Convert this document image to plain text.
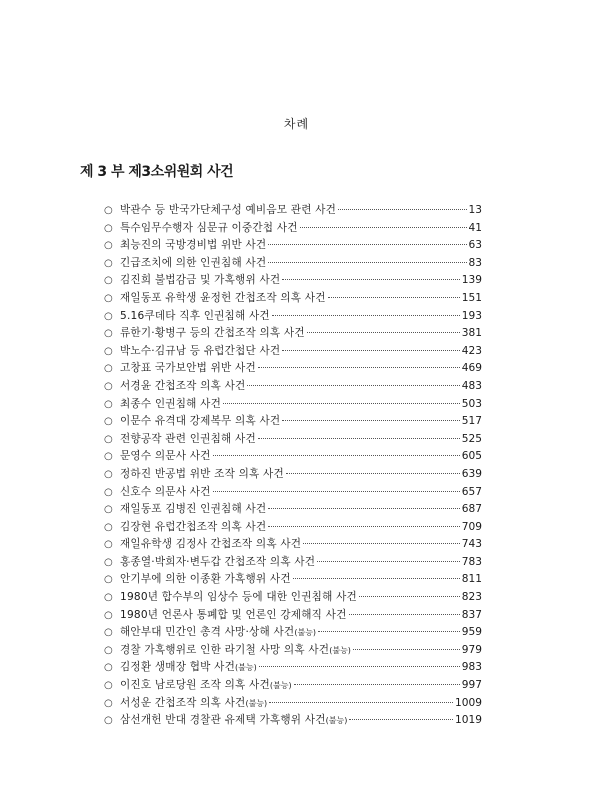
차례
제 3 부 제3소위원회 사건
○ 박관수 등 반국가단체구성 예비음모 관련 사건	13
○ 특수임무수행자 심문규 이중간첩 사건	41
○ 최능진의 국방경비법 위반 사건	63
○ 긴급조치에 의한 인권침해 사건	83
○ 김진희 불법감금 및 가혹행위 사건	139
○ 재일동포 유학생 윤정헌 간첩조작 의혹 사건	151
○ 5.16쿠데타 직후 인권침해 사건	193
○ 류한기·황병구 등의 간첩조작 의혹 사건	381
○ 박노수·김규남 등 유럽간첩단 사건	423
○ 고창표 국가보안법 위반 사건	469
○ 서경윤 간첩조작 의혹 사건	483
○ 최종수 인권침해 사건	503
○ 이문수 유격대 강제복무 의혹 사건	517
○ 전향공작 관련 인권침해 사건	525
○ 문영수 의문사 사건	605
○ 정하진 반공법 위반 조작 의혹 사건	639
○ 신호수 의문사 사건	657
○ 재일동포 김병진 인권침해 사건	687
○ 김장현 유럽간첩조작 의혹 사건	709
○ 재일유학생 김정사 간첩조작 의혹 사건	743
○ 홍종열·박희자·변두갑 간첩조작 의혹 사건	783
○ 안기부에 의한 이종환 가혹행위 사건	811
○ 1980년 합수부의 임상수 등에 대한 인권침해 사건	823
○ 1980년 언론사 통폐합 및 언론인 강제해직 사건	837
○ 해안부대 민간인 총격 사망·상해 사건(불능)	959
○ 경찰 가혹행위로 인한 라기철 사망 의혹 사건(불능)	979
○ 김정환 생매장 협박 사건(불능)	983
○ 이진호 남로당원 조작 의혹 사건(불능)	997
○ 서성운 간첩조작 의혹 사건(불능)	1009
○ 삼선개헌 반대 경찰관 유제택 가혹행위 사건(불능)	1019
